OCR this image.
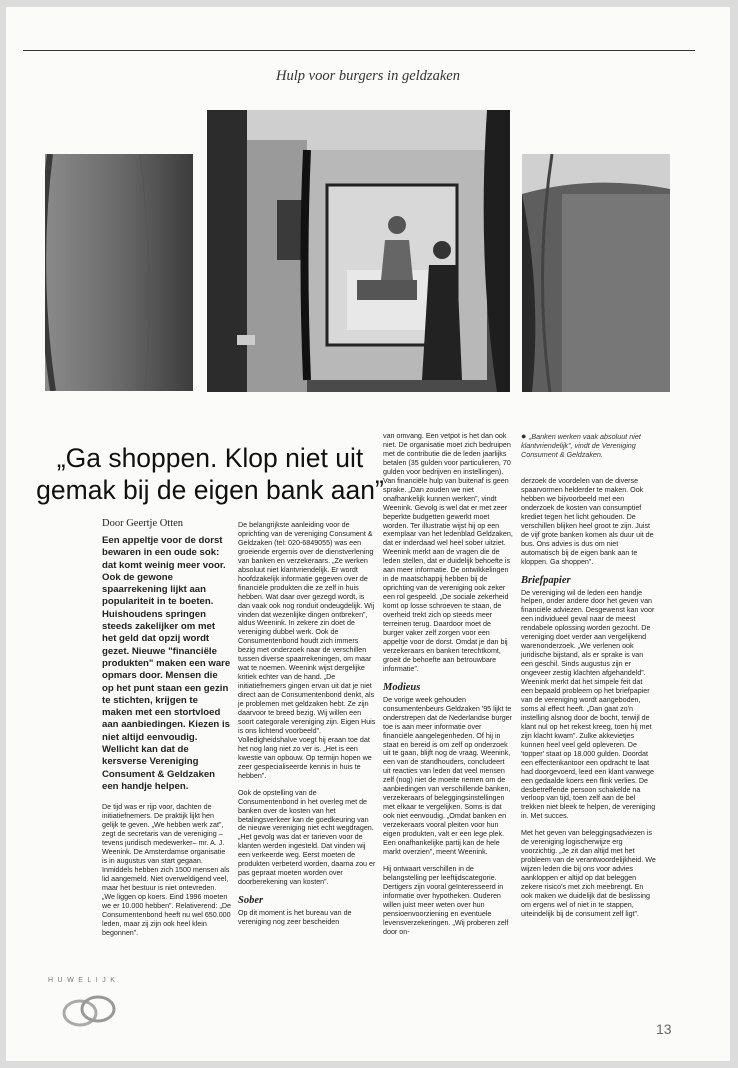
Hulp voor burgers in geldzaken
„Ga shoppen. Klop niet uit gemak bij de eigen bank aan”
Door Geertje Otten
Een appeltje voor de dorst bewaren in een oude sok: dat komt weinig meer voor. Ook de gewone spaarrekening lijkt aan populariteit in te boeten. Huishoudens springen steeds zakelijker om met het geld dat opzij wordt gezet. Nieuwe "financiële produkten" maken een ware opmars door. Mensen die op het punt staan een gezin te stichten, krijgen te maken met een stortvloed aan aanbiedingen. Kiezen is niet altijd eenvoudig. Wellicht kan dat de kersverse Vereniging Consument & Geldzaken een handje helpen.

De tijd was er rijp voor, dachten de initiatiefnemers. De praktijk lijkt hen gelijk te geven. „We hebben werk zat”, zegt de secretaris van de vereniging –tevens juridisch medewerker– mr. A. J. Weenink. De Amsterdamse organisatie is in augustus van start gegaan. Inmiddels hebben zich 1500 mensen als lid aangemeld. Niet overweldigend veel, maar het bestuur is niet ontevreden. „We liggen op koers. Eind 1996 moeten we er 10.000 hebben”. Relativerend: „De Consumentenbond heeft nu wel 650.000 leden, maar zij zijn ook heel klein begonnen”.

De belangrijkste aanleiding voor de oprichting van de vereniging Consument & Geldzaken (tel: 020-6849055) was een groeiende ergernis over de dienstverlening van banken en verzekeraars. „Ze werken absoluut niet klantvriendelijk. Er wordt hoofdzakelijk informatie gegeven over de financiële produkten die ze zelf in huis hebben. Wat daar over gezegd wordt, is dan vaak ook nog ronduit ondeugdelijk. Wij vinden dat wezenlijke dingen ontbreken”, aldus Weenink. In zekere zin doet de vereniging dubbel werk. Ook de Consumentenbond houdt zich immers bezig met onderzoek naar de verschillen tussen diverse spaarrekeningen, om maar wat te noemen. Weenink wijst dergelijke kritiek echter van de hand. „De initiatiefnemers gingen ervan uit dat je niet direct aan de Consumentenbond denkt, als je problemen met geldzaken hebt. Ze zijn daarvoor te breed bezig. Wij willen een soort categorale vereniging zijn. Eigen Huis is ons lichtend voorbeeld”. Volledigheidshalve voegt hij eraan toe dat het nog lang niet zo ver is. „Het is een kwestie van opbouw. Op termijn hopen we zeer gespecialiseerde kennis in huis te hebben”.

Ook de opstelling van de Consumentenbond in het overleg met de banken over de kosten van het betalingsverkeer kan de goedkeuring van de nieuwe vereniging niet echt wegdragen. „Het gevolg was dat er tarieven voor de klanten werden ingesteld. Dat vinden wij een verkeerde weg. Eerst moeten de produkten verbeterd worden, daarna zou er pas gepraat moeten worden over doorberekening van kosten”.

Sober

Op dit moment is het bureau van de vereniging nog zeer bescheiden

van omvang. Een vetpot is het dan ook niet. De organisatie moet zich bedruipen met de contributie die de leden jaarlijks betalen (35 gulden voor particulieren, 70 gulden voor bedrijven en instellingen). Van financiële hulp van buitenaf is geen sprake. „Dan zouden we niet onafhankelijk kunnen werken”, vindt Weenink. Gevolg is wel dat er met zeer beperkte budgetten gewerkt moet worden. Ter illustratie wijst hij op een exemplaar van het ledenblad Geldzaken, dat er inderdaad wel heel sober uitziet. Weenink merkt aan de vragen die de leden stellen, dat er duidelijk behoefte is aan meer informatie. De ontwikkelingen in de maatschappij hebben bij de oprichting van de vereniging ook zeker een rol gespeeld. „De sociale zekerheid komt op losse schroeven te staan, de overheid trekt zich op steeds meer terreinen terug. Daardoor moet de burger vaker zelf zorgen voor een appeltje voor de dorst. Omdat je dan bij verzekeraars en banken terechtkomt, groeit de behoefte aan betrouwbare informatie”.

Modieus

De vorige week gehouden consumentenbeurs Geldzaken '95 lijkt te onderstrepen dat de Nederlandse burger toe is aan meer informatie over financiële aangelegenheden. Of hij in staat en bereid is om zelf op onderzoek uit te gaan, blijft nog de vraag. Weenink, een van de standhouders, concludeert uit reacties van leden dat veel mensen zelf (nog) niet de moeite nemen om de aanbiedingen van verschillende banken, verzekeraars of beleggingsinstellingen met elkaar te vergelijken. Soms is dat ook niet eenvoudig. „Omdat banken en verzekeraars vooral pleiten voor hun eigen produkten, valt er een lege plek. Een onafhankelijke partij kan de hele markt overzien”, meent Weenink.

Hij ontwaart verschillen in de belangstelling per leeftijdscategorie. Dertigers zijn vooral geïnteresseerd in informatie over hypotheken. Ouderen willen juist meer weten over hun pensioenvoorziening en eventuele levensverzekeringen. „Wij proberen zelf door on-

● „Banken werken vaak absoluut niet klantvriendelijk”, vindt de Vereniging Consument & Geldzaken.

derzoek de voordelen van de diverse spaarvormen helderder te maken. Ook hebben we bijvoorbeeld met een onderzoek de kosten van consumptief krediet tegen het licht gehouden. De verschillen blijken heel groot te zijn. Juist de vijf grote banken komen als duur uit de bus. Ons advies is dus om niet automatisch bij de eigen bank aan te kloppen. Ga shoppen”.

Briefpapier

De vereniging wil de leden een handje helpen, onder andere door het geven van financiële adviezen. Desgewenst kan voor een individueel geval naar de meest rendabele oplossing worden gezocht. De vereniging doet verder aan vergelijkend warenonderzoek. „We verlenen ook juridische bijstand, als er sprake is van een geschil. Sinds augustus zijn er ongeveer zestig klachten afgehandeld”. Weenink merkt dat het simpele feit dat een bepaald probleem op het briefpapier van de vereniging wordt aangeboden, soms al effect heeft. „Dan gaat zo'n instelling alsnog door de bocht, terwijl de klant nul op het rekest kreeg, toen hij met zijn klacht kwam”. Zulke akkevietjes kunnen heel veel geld opleveren. De 'topper' staat op 18.000 gulden. Doordat een effectenkantoor een opdracht te laat had doorgevoerd, leed een klant vanwege een gedaalde koers een flink verlies. De desbetreffende persoon schakelde na verloop van tijd, toen zelf aan de bel trekken niet bleek te helpen, de vereniging in. Met succes.

Met het geven van beleggingsadviezen is de vereniging logischerwijze erg voorzichtig. „Je zit dan altijd met het probleem van de verantwoordelijkheid. We wijzen leden die bij ons voor advies aankloppen er altijd op dat beleggen zekere risico's met zich meebrengt. En ook maken we duidelijk dat de beslissing om ergens wel of niet in te stappen, uiteindelijk bij de consument zelf ligt”.

HUWELIJK
13
